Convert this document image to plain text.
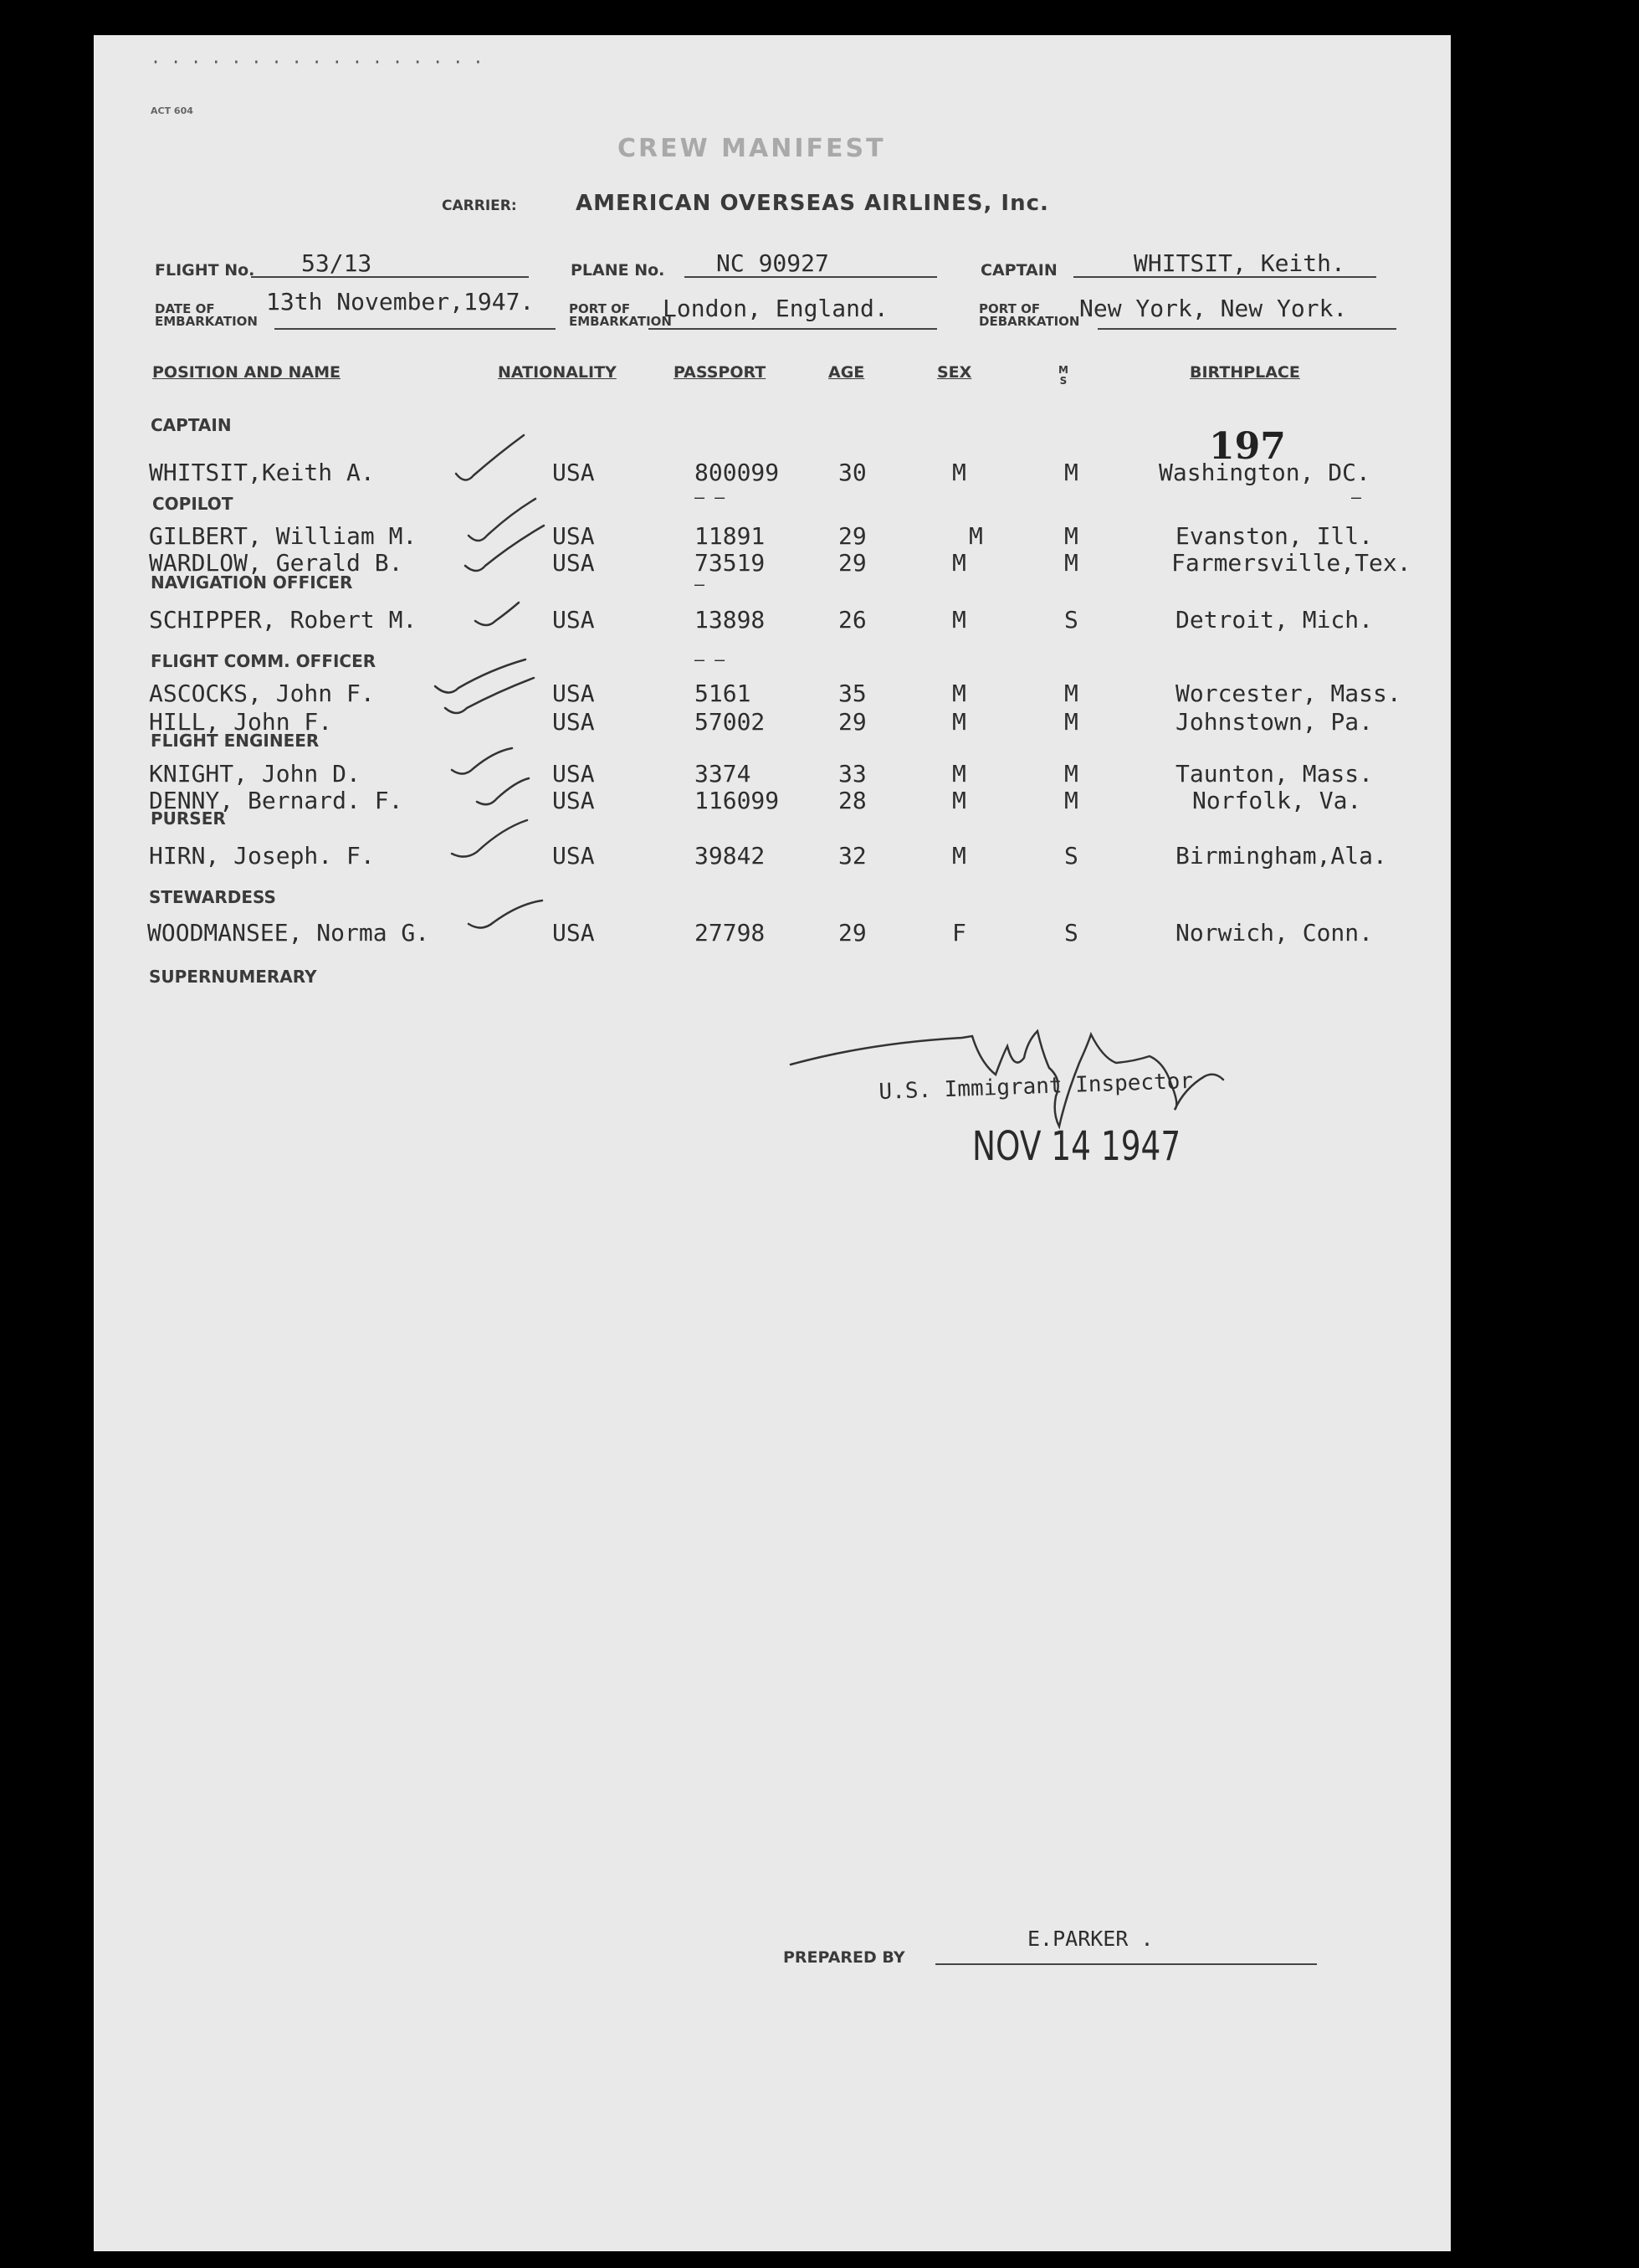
· · · · · · · · · · · · · · · · ·
ACT 604
CREW MANIFEST
CARRIER:	AMERICAN OVERSEAS AIRLINES, Inc.
FLIGHT No. 53/13	PLANE No. NC 90927	CAPTAIN	WHITSIT, Keith.
DATE OF
EMBARKATION
13th November,1947.	PORT OF
EMBARKATION
London, England.	PORT OF
DEBARKATION New York, New York.
POSITION AND NAME	NATIONALITY	PASSPORT	AGE	SEX	M
S	BIRTHPLACE
197
CAPTAIN
COPILOT
NAVIGATION OFFICER
FLIGHT COMM. OFFICER
FLIGHT ENGINEER
PURSER
STEWARDESS
SUPERNUMERARY
— —	—
—
— —
WHITSIT,Keith A.	USA	800099	30	M	M	Washington, DC.
GILBERT, William M.	USA	11891	29	M	M	Evanston, Ill.
WARDLOW, Gerald B.	USA	73519	29	M	M	Farmersville,Tex.
SCHIPPER, Robert M.	USA	13898	26	M	S	Detroit, Mich.
ASCOCKS, John F.	USA	5161	35	M	M	Worcester, Mass.
HILL, John F.	USA	57002	29	M	M	Johnstown, Pa.
KNIGHT, John D.	USA	3374	33	M	M	Taunton, Mass.
DENNY, Bernard. F.	USA	116099	28	M	M	Norfolk, Va.
HIRN, Joseph. F.	USA	39842	32	M	S	Birmingham,Ala.
WOODMANSEE, Norma G.	USA	27798	29	F	S	Norwich, Conn.
U.S. Immigrant Inspector
NOV 14 1947
PREPARED BY
E.PARKER .
